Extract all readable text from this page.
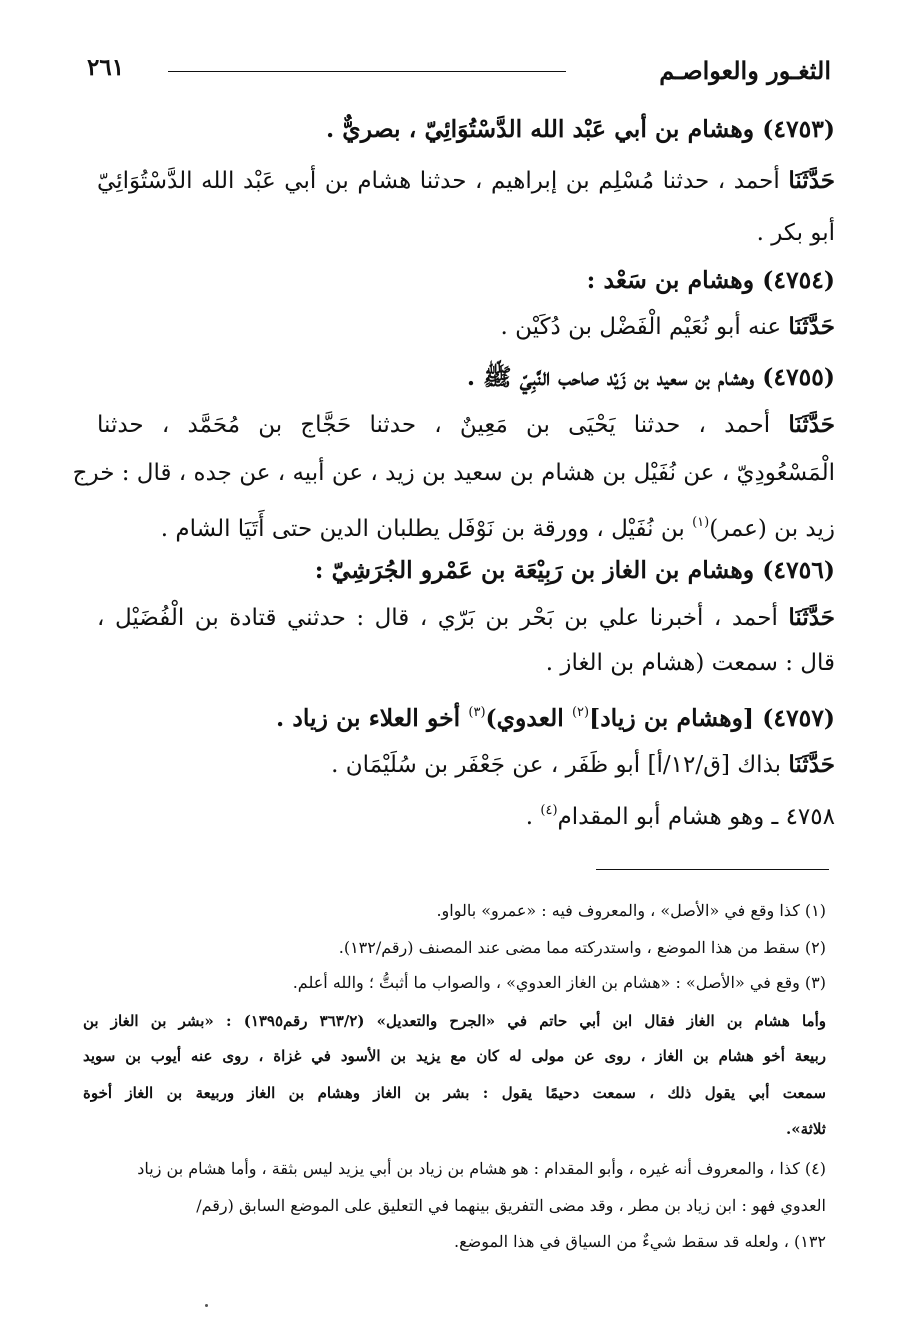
الثغـور والعواصـم
٢٦١
(٤٧٥٣) وهشام بن أبي عَبْد الله الدَّسْتُوَائِيّ ، بصريٌّ .
حَدَّثَنَا أحمد ، حدثنا مُسْلِم بن إبراهيم ، حدثنا هشام بن أبي عَبْد الله الدَّسْتُوَائِيّ
أبو بكر .
(٤٧٥٤) وهشام بن سَعْد :
حَدَّثَنَا عنه أبو نُعَيْم الْفَضْل بن دُكَيْن .
(٤٧٥٥) وهشام بن سعيد بن زَيْد صاحب النَّبِيّ ﷺ .
حَدَّثَنَا أحمد ، حدثنا يَحْيَى بن مَعِينٌ ، حدثنا حَجَّاج بن مُحَمَّد ، حدثنا
الْمَسْعُودِيّ ، عن نُفَيْل بن هشام بن سعيد بن زيد ، عن أبيه ، عن جده ، قال : خرج
زيد بن (عمر)$^{(١)}$ بن نُفَيْل ، وورقة بن نَوْفَل يطلبان الدين حتى أَتَيَا الشام .
(٤٧٥٦) وهشام بن الغاز بن رَبِيْعَة بن عَمْرو الجُرَشِيّ :
حَدَّثَنَا أحمد ، أخبرنا علي بن بَحْر بن بَرّي ، قال : حدثني قتادة بن الْفُضَيْل ،
قال : سمعت (هشام بن الغاز .
(٤٧٥٧) [وهشام بن زياد]$^{(٢)}$ العدوي)$^{(٣)}$ أخو العلاء بن زياد .
حَدَّثَنَا بذاك [ق/١٢/أ] أبو ظَفَر ، عن جَعْفَر بن سُلَيْمَان .
٤٧٥٨ ـ وهو هشام أبو المقدام$^{(٤)}$ .
(١) كذا وقع في «الأصل» ، والمعروف فيه : «عمرو» بالواو.
(٢) سقط من هذا الموضع ، واستدركته مما مضى عند المصنف (رقم/١٣٢).
(٣) وقع في «الأصل» : «هشام بن الغاز العدوي» ، والصواب ما أثبتُّ ؛ والله أعلم.
وأما هشام بن الغاز فقال ابن أبي حاتم في «الجرح والتعديل» (٣٦٣/٢ رقم١٣٩٥) : «بشر بن الغاز بن
ربيعة أخو هشام بن الغاز ، روى عن مولى له كان مع يزيد بن الأسود في غزاة ، روى عنه أيوب بن سويد
سمعت أبي يقول ذلك ، سمعت دحيمًا يقول : بشر بن الغاز وهشام بن الغاز وربيعة بن الغاز أخوة
ثلاثة».
(٤) كذا ، والمعروف أنه غيره ، وأبو المقدام : هو هشام بن زياد بن أبي يزيد ليس بثقة ، وأما هشام بن زياد
العدوي فهو : ابن زياد بن مطر ، وقد مضى التفريق بينهما في التعليق على الموضع السابق (رقم/
١٣٢) ، ولعله قد سقط شيءٌ من السياق في هذا الموضع.
